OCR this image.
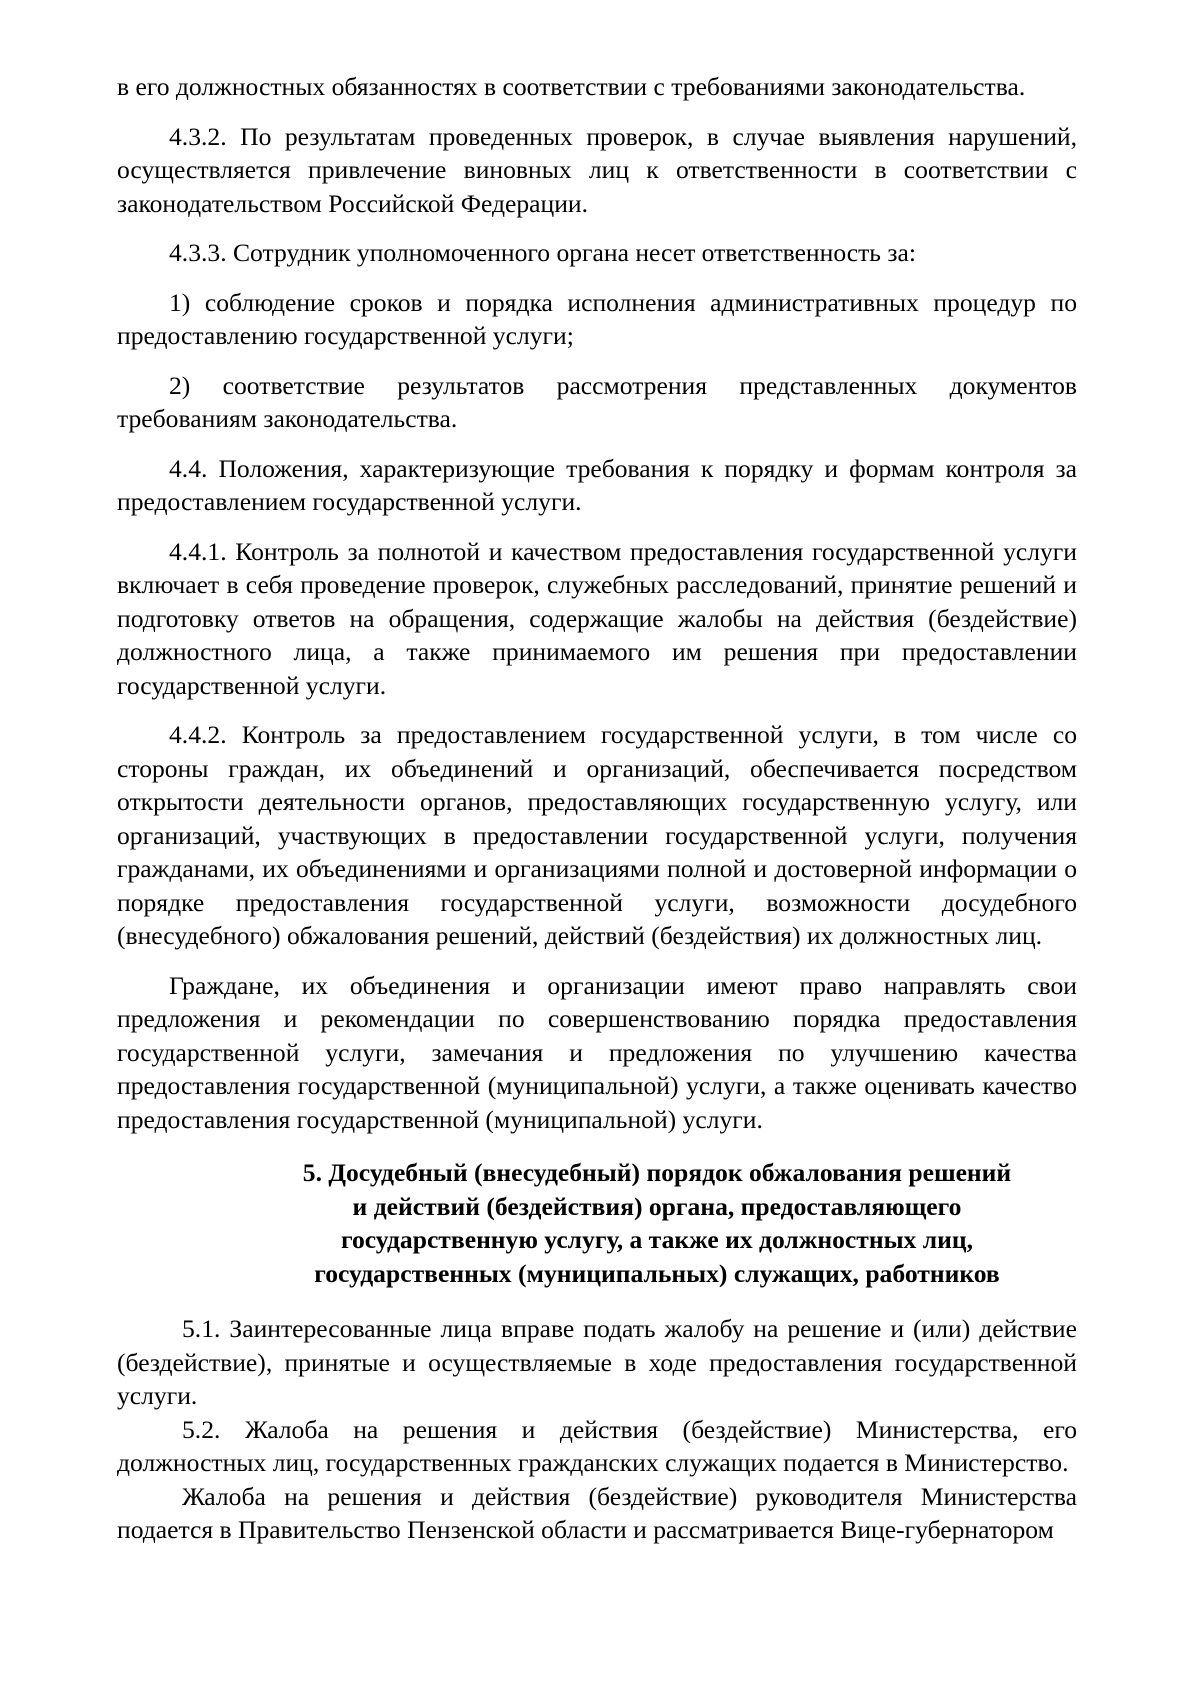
в его должностных обязанностях в соответствии с требованиями законодательства.

4.3.2. По результатам проведенных проверок, в случае выявления нарушений, осуществляется привлечение виновных лиц к ответственности в соответствии с законодательством Российской Федерации.

4.3.3. Сотрудник уполномоченного органа несет ответственность за:

1) соблюдение сроков и порядка исполнения административных процедур по предоставлению государственной услуги;

2) соответствие результатов рассмотрения представленных документов требованиям законодательства.

4.4. Положения, характеризующие требования к порядку и формам контроля за предоставлением государственной услуги.

4.4.1. Контроль за полнотой и качеством предоставления государственной услуги включает в себя проведение проверок, служебных расследований, принятие решений и подготовку ответов на обращения, содержащие жалобы на действия (бездействие) должностного лица, а также принимаемого им решения при предоставлении государственной услуги.

4.4.2. Контроль за предоставлением государственной услуги, в том числе со стороны граждан, их объединений и организаций, обеспечивается посредством открытости деятельности органов, предоставляющих государственную услугу, или организаций, участвующих в предоставлении государственной услуги, получения гражданами, их объединениями и организациями полной и достоверной информации о порядке предоставления государственной услуги, возможности досудебного (внесудебного) обжалования решений, действий (бездействия) их должностных лиц.

Граждане, их объединения и организации имеют право направлять свои предложения и рекомендации по совершенствованию порядка предоставления государственной услуги, замечания и предложения по улучшению качества предоставления государственной (муниципальной) услуги, а также оценивать качество предоставления государственной (муниципальной) услуги.

5. Досудебный (внесудебный) порядок обжалования решений
и действий (бездействия) органа, предоставляющего
государственную услугу, а также их должностных лиц,
государственных (муниципальных) служащих, работников

5.1. Заинтересованные лица вправе подать жалобу на решение и (или) действие (бездействие), принятые и осуществляемые в ходе предоставления государственной услуги.

5.2. Жалоба на решения и действия (бездействие) Министерства, его должностных лиц, государственных гражданских служащих подается в Министерство.

Жалоба на решения и действия (бездействие) руководителя Министерства подается в Правительство Пензенской области и рассматривается Вице-губернатором
